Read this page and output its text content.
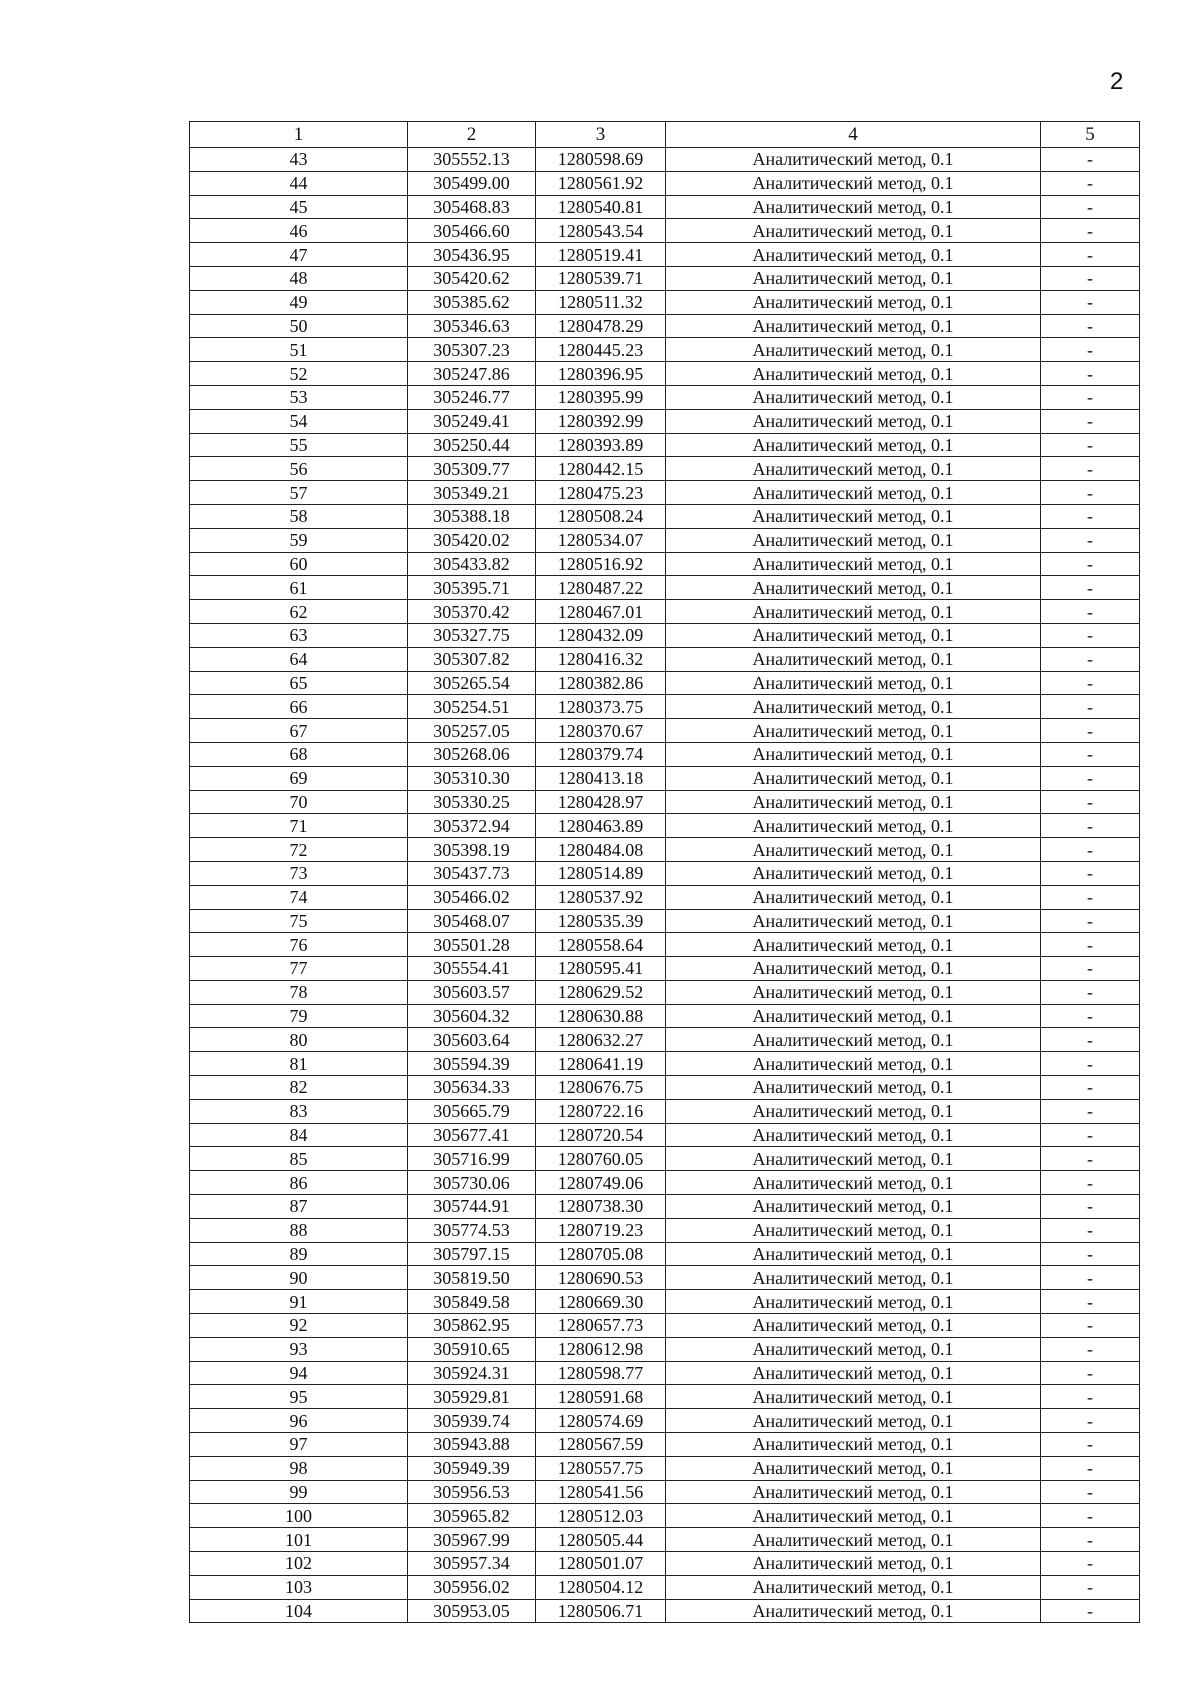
2
1	2	3	4	5
43	305552.13	1280598.69	Аналитический метод, 0.1	-
44	305499.00	1280561.92	Аналитический метод, 0.1	-
45	305468.83	1280540.81	Аналитический метод, 0.1	-
46	305466.60	1280543.54	Аналитический метод, 0.1	-
47	305436.95	1280519.41	Аналитический метод, 0.1	-
48	305420.62	1280539.71	Аналитический метод, 0.1	-
49	305385.62	1280511.32	Аналитический метод, 0.1	-
50	305346.63	1280478.29	Аналитический метод, 0.1	-
51	305307.23	1280445.23	Аналитический метод, 0.1	-
52	305247.86	1280396.95	Аналитический метод, 0.1	-
53	305246.77	1280395.99	Аналитический метод, 0.1	-
54	305249.41	1280392.99	Аналитический метод, 0.1	-
55	305250.44	1280393.89	Аналитический метод, 0.1	-
56	305309.77	1280442.15	Аналитический метод, 0.1	-
57	305349.21	1280475.23	Аналитический метод, 0.1	-
58	305388.18	1280508.24	Аналитический метод, 0.1	-
59	305420.02	1280534.07	Аналитический метод, 0.1	-
60	305433.82	1280516.92	Аналитический метод, 0.1	-
61	305395.71	1280487.22	Аналитический метод, 0.1	-
62	305370.42	1280467.01	Аналитический метод, 0.1	-
63	305327.75	1280432.09	Аналитический метод, 0.1	-
64	305307.82	1280416.32	Аналитический метод, 0.1	-
65	305265.54	1280382.86	Аналитический метод, 0.1	-
66	305254.51	1280373.75	Аналитический метод, 0.1	-
67	305257.05	1280370.67	Аналитический метод, 0.1	-
68	305268.06	1280379.74	Аналитический метод, 0.1	-
69	305310.30	1280413.18	Аналитический метод, 0.1	-
70	305330.25	1280428.97	Аналитический метод, 0.1	-
71	305372.94	1280463.89	Аналитический метод, 0.1	-
72	305398.19	1280484.08	Аналитический метод, 0.1	-
73	305437.73	1280514.89	Аналитический метод, 0.1	-
74	305466.02	1280537.92	Аналитический метод, 0.1	-
75	305468.07	1280535.39	Аналитический метод, 0.1	-
76	305501.28	1280558.64	Аналитический метод, 0.1	-
77	305554.41	1280595.41	Аналитический метод, 0.1	-
78	305603.57	1280629.52	Аналитический метод, 0.1	-
79	305604.32	1280630.88	Аналитический метод, 0.1	-
80	305603.64	1280632.27	Аналитический метод, 0.1	-
81	305594.39	1280641.19	Аналитический метод, 0.1	-
82	305634.33	1280676.75	Аналитический метод, 0.1	-
83	305665.79	1280722.16	Аналитический метод, 0.1	-
84	305677.41	1280720.54	Аналитический метод, 0.1	-
85	305716.99	1280760.05	Аналитический метод, 0.1	-
86	305730.06	1280749.06	Аналитический метод, 0.1	-
87	305744.91	1280738.30	Аналитический метод, 0.1	-
88	305774.53	1280719.23	Аналитический метод, 0.1	-
89	305797.15	1280705.08	Аналитический метод, 0.1	-
90	305819.50	1280690.53	Аналитический метод, 0.1	-
91	305849.58	1280669.30	Аналитический метод, 0.1	-
92	305862.95	1280657.73	Аналитический метод, 0.1	-
93	305910.65	1280612.98	Аналитический метод, 0.1	-
94	305924.31	1280598.77	Аналитический метод, 0.1	-
95	305929.81	1280591.68	Аналитический метод, 0.1	-
96	305939.74	1280574.69	Аналитический метод, 0.1	-
97	305943.88	1280567.59	Аналитический метод, 0.1	-
98	305949.39	1280557.75	Аналитический метод, 0.1	-
99	305956.53	1280541.56	Аналитический метод, 0.1	-
100	305965.82	1280512.03	Аналитический метод, 0.1	-
101	305967.99	1280505.44	Аналитический метод, 0.1	-
102	305957.34	1280501.07	Аналитический метод, 0.1	-
103	305956.02	1280504.12	Аналитический метод, 0.1	-
104	305953.05	1280506.71	Аналитический метод, 0.1	-
